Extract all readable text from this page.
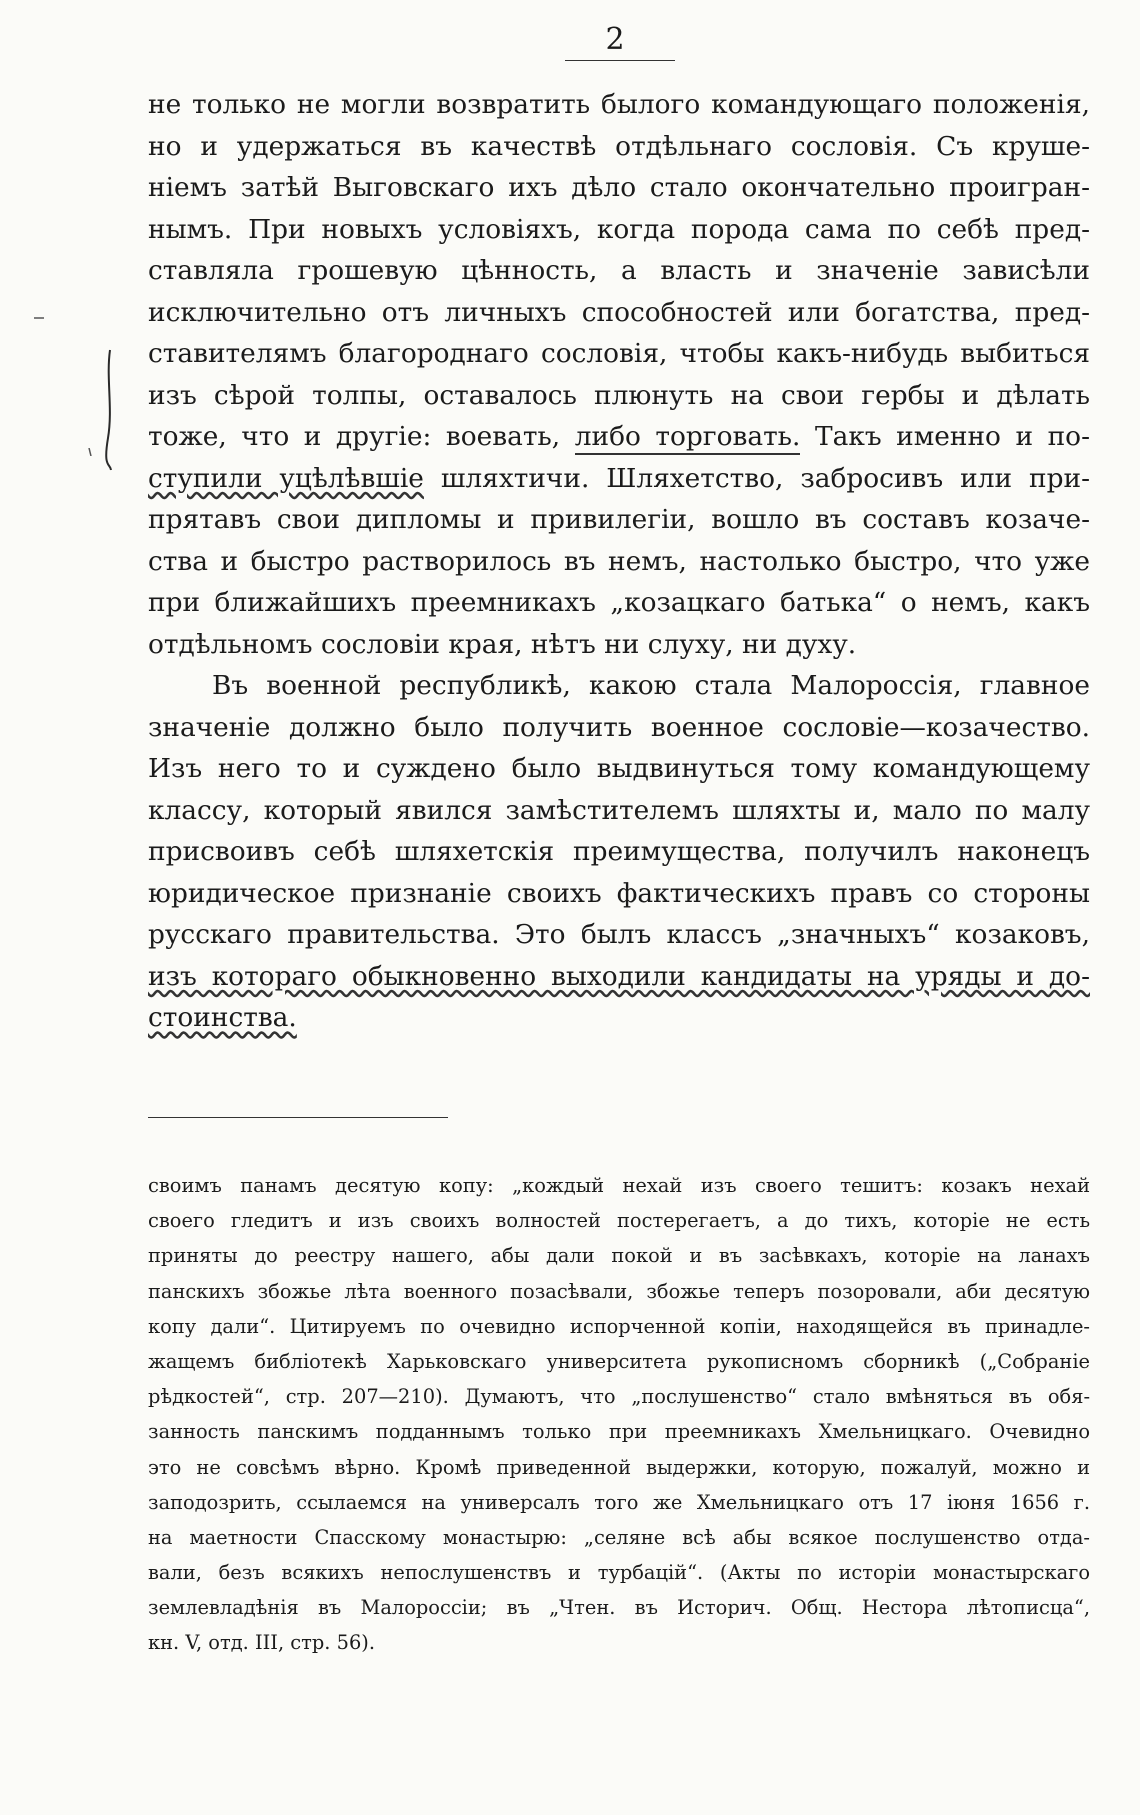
2
не только не могли возвратить былого командующаго положенія,
но и удержаться въ качествѣ отдѣльнаго сословія. Съ круше-
ніемъ затѣй Выговскаго ихъ дѣло стало окончательно проигран-
нымъ. При новыхъ условіяхъ, когда порода сама по себѣ пред-
ставляла грошевую цѣнность, а власть и значеніе зависѣли
исключительно отъ личныхъ способностей или богатства, пред-
ставителямъ благороднаго сословія, чтобы какъ-нибудь выбиться
изъ сѣрой толпы, оставалось плюнуть на свои гербы и дѣлать
тоже, что и другіе: воевать, либо торговать. Такъ именно и по-
ступили уцѣлѣвшіе шляхтичи. Шляхетство, забросивъ или при-
прятавъ свои дипломы и привилегіи, вошло въ составъ козаче-
ства и быстро растворилось въ немъ, настолько быстро, что уже
при ближайшихъ преемникахъ „козацкаго батька“ о немъ, какъ
отдѣльномъ сословіи края, нѣтъ ни слуху, ни духу.
Въ военной республикѣ, какою стала Малороссія, главное
значеніе должно было получить военное сословіе—козачество.
Изъ него то и суждено было выдвинуться тому командующему
классу, который явился замѣстителемъ шляхты и, мало по малу
присвоивъ себѣ шляхетскія преимущества, получилъ наконецъ
юридическое признаніе своихъ фактическихъ правъ со стороны
русскаго правительства. Это былъ классъ „значныхъ“ козаковъ,
изъ котораго обыкновенно выходили кандидаты на уряды и до-
стоинства.
своимъ панамъ десятую копу: „кождый нехай изъ своего тешитъ: козакъ нехай
своего гледитъ и изъ своихъ волностей постерегаетъ, а до тихъ, которіе не есть
приняты до реестру нашего, абы дали покой и въ засѣвкахъ, которіе на ланахъ
панскихъ збожье лѣта военного позасѣвали, збожье теперъ позоровали, аби десятую
копу дали“. Цитируемъ по очевидно испорченной копіи, находящейся въ принадле-
жащемъ библіотекѣ Харьковскаго университета рукописномъ сборникѣ („Собраніе
рѣдкостей“, стр. 207—210). Думаютъ, что „послушенство“ стало вмѣняться въ обя-
занность панскимъ подданнымъ только при преемникахъ Хмельницкаго. Очевидно
это не совсѣмъ вѣрно. Кромѣ приведенной выдержки, которую, пожалуй, можно и
заподозрить, ссылаемся на универсалъ того же Хмельницкаго отъ 17 іюня 1656 г.
на маетности Спасскому монастырю: „селяне всѣ абы всякое послушенство отда-
вали, безъ всякихъ непослушенствъ и турбацій“. (Акты по исторіи монастырскаго
землевладѣнія въ Малороссіи; въ „Чтен. въ Историч. Общ. Нестора лѣтописца“,
кн. V, отд. III, стр. 56).
